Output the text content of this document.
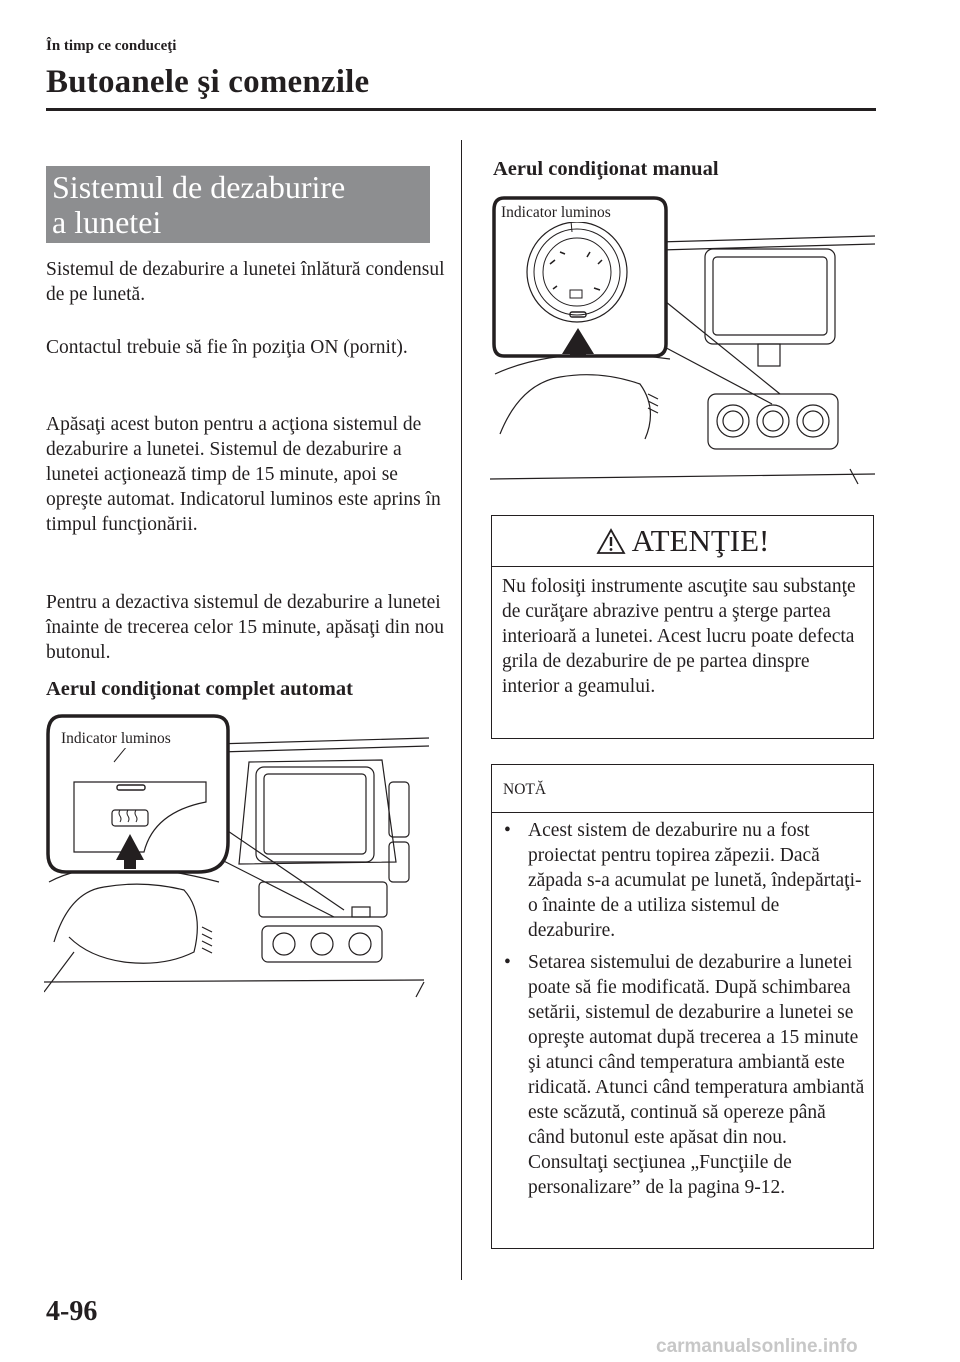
În timp ce conduceţi
Butoanele şi comenzile
Sistemul de dezaburire
a lunetei
Sistemul de dezaburire a lunetei înlătură condensul de pe lunetă.
Contactul trebuie să fie în poziţia ON (pornit).
Apăsaţi acest buton pentru a acţiona sistemul de dezaburire a lunetei. Sistemul de dezaburire a lunetei acţionează timp de 15 minute, apoi se opreşte automat. Indicatorul luminos este aprins în timpul funcţionării.
Pentru a dezactiva sistemul de dezaburire a lunetei înainte de trecerea celor 15 minute, apăsaţi din nou butonul.
Aerul condiţionat complet automat
Indicator luminos
Aerul condiţionat manual
Indicator luminos
ATENŢIE!
Nu folosiţi instrumente ascuţite sau substanţe de curăţare abrazive pentru a şterge partea interioară a lunetei. Acest lucru poate defecta grila de dezaburire de pe partea dinspre interior a geamului.
NOTĂ
• Acest sistem de dezaburire nu a fost proiectat pentru topirea zăpezii. Dacă zăpada s-a acumulat pe lunetă, îndepărtaţi-o înainte de a utiliza sistemul de dezaburire.
• Setarea sistemului de dezaburire a lunetei poate să fie modificată. După schimbarea setării, sistemul de dezaburire a lunetei se opreşte automat după trecerea a 15 minute şi atunci când temperatura ambiantă este ridicată. Atunci când temperatura ambiantă este scăzută, continuă să opereze până când butonul este apăsat din nou. Consultaţi secţiunea „Funcţiile de personalizare” de la pagina 9-12.
4-96
carmanualsonline.info
